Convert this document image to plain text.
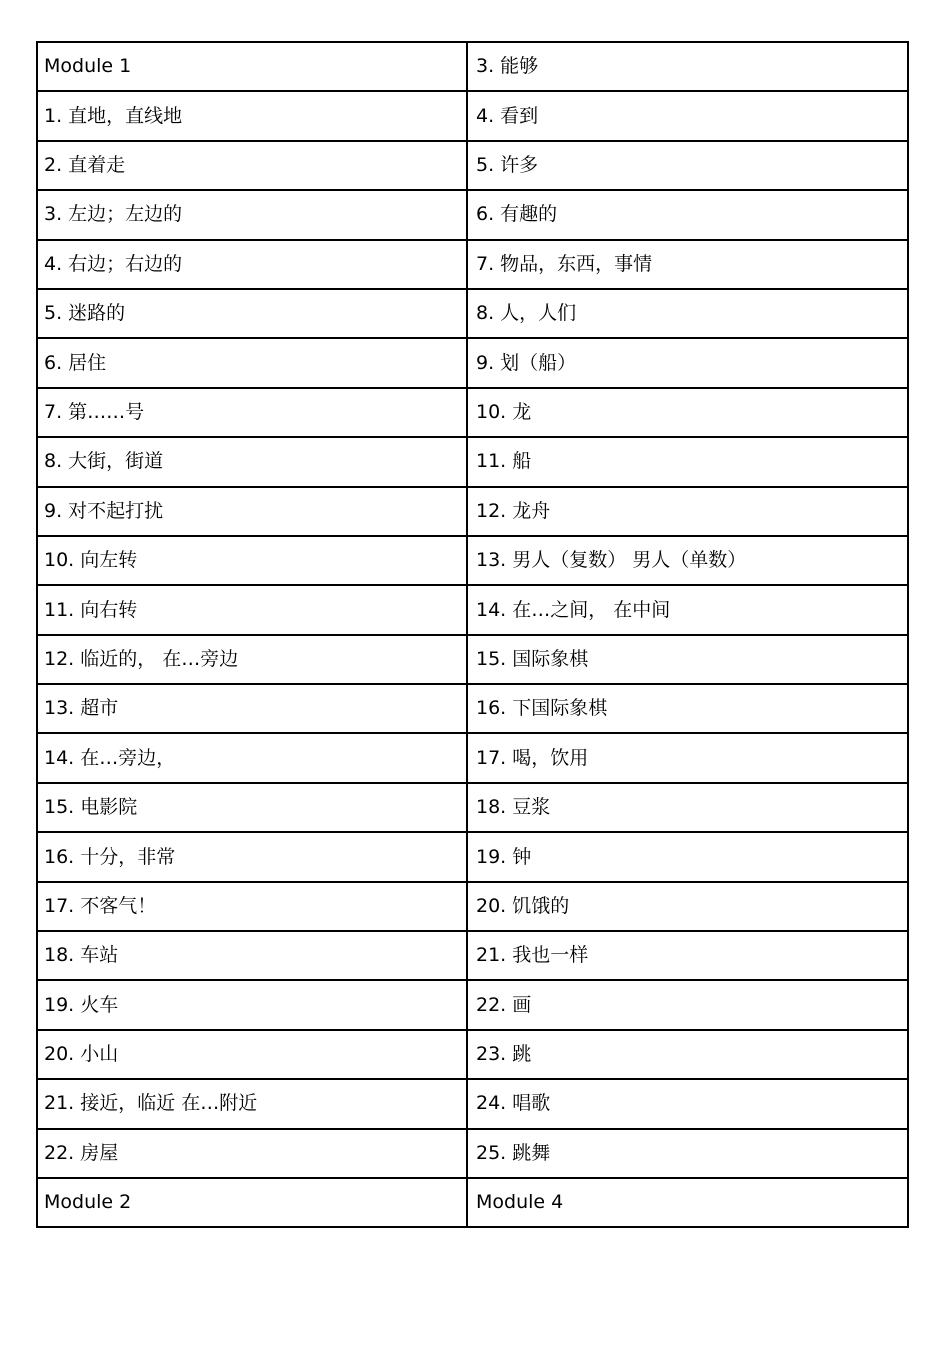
Module 1	3. 能够
1. 直地，直线地	4. 看到
2. 直着走	5. 许多
3. 左边；左边的	6. 有趣的
4. 右边；右边的	7. 物品，东西，事情
5. 迷路的	8. 人，人们
6. 居住	9. 划（船）
7. 第……号	10. 龙
8. 大街，街道	11. 船
9. 对不起打扰	12. 龙舟
10. 向左转	13. 男人（复数） 男人（单数）
11. 向右转	14. 在…之间， 在中间
12. 临近的， 在…旁边	15. 国际象棋
13. 超市	16. 下国际象棋
14. 在…旁边，	17. 喝，饮用
15. 电影院	18. 豆浆
16. 十分，非常	19. 钟
17. 不客气！	20. 饥饿的
18. 车站	21. 我也一样
19. 火车	22. 画
20. 小山	23. 跳
21. 接近，临近 在…附近	24. 唱歌
22. 房屋	25. 跳舞
Module 2	Module 4
